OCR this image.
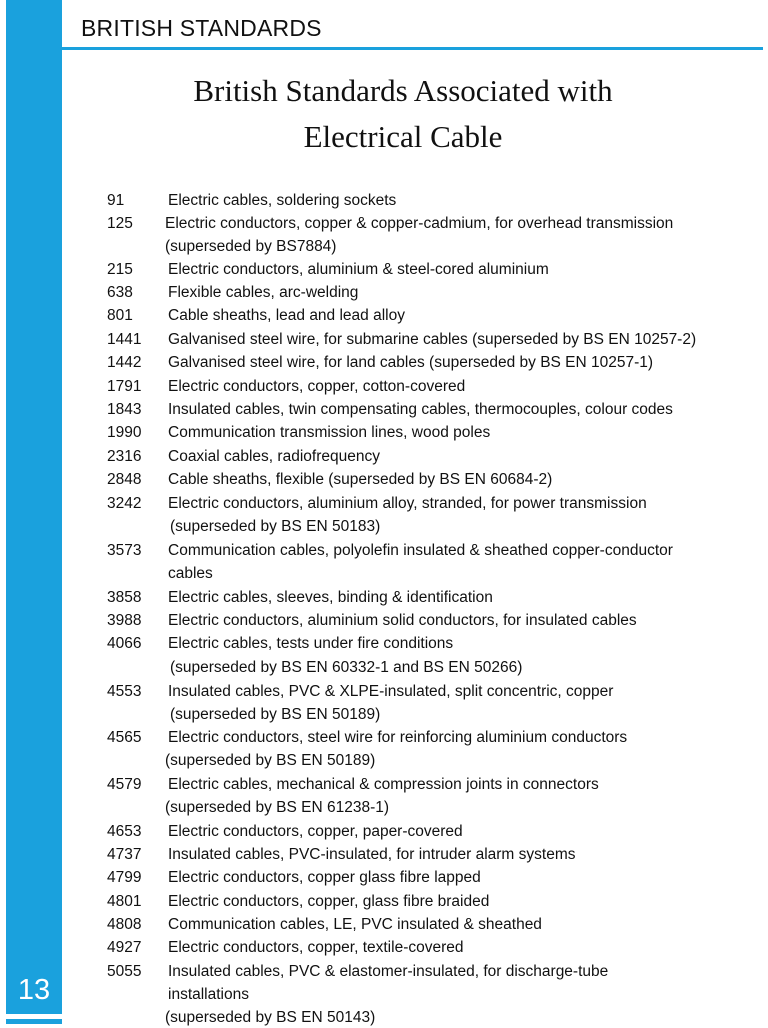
13
BRITISH STANDARDS
British Standards Associated with
Electrical Cable
91	Electric cables, soldering sockets
125 Electric conductors, copper & copper-cadmium, for overhead transmission
(superseded by BS7884)
215 Electric conductors, aluminium & steel-cored aluminium
638 Flexible cables, arc-welding
801 Cable sheaths, lead and lead alloy
1441 Galvanised steel wire, for submarine cables (superseded by BS EN 10257-2)
1442 Galvanised steel wire, for land cables (superseded by BS EN 10257-1)
1791 Electric conductors, copper, cotton-covered
1843 Insulated cables, twin compensating cables, thermocouples, colour codes
1990 Communication transmission lines, wood poles
2316 Coaxial cables, radiofrequency
2848 Cable sheaths, flexible (superseded by BS EN 60684-2)
3242 Electric conductors, aluminium alloy, stranded, for power transmission
(superseded by BS EN 50183)
3573 Communication cables, polyolefin insulated & sheathed copper-conductor
cables
3858 Electric cables, sleeves, binding & identification
3988 Electric conductors, aluminium solid conductors, for insulated cables
4066 Electric cables, tests under fire conditions
(superseded by BS EN 60332-1 and BS EN 50266)
4553 Insulated cables, PVC & XLPE-insulated, split concentric, copper
(superseded by BS EN 50189)
4565 Electric conductors, steel wire for reinforcing aluminium conductors
(superseded by BS EN 50189)
4579 Electric cables, mechanical & compression joints in connectors
(superseded by BS EN 61238-1)
4653 Electric conductors, copper, paper-covered
4737 Insulated cables, PVC-insulated, for intruder alarm systems
4799 Electric conductors, copper glass fibre lapped
4801 Electric conductors, copper, glass fibre braided
4808 Communication cables, LE, PVC insulated & sheathed
4927 Electric conductors, copper, textile-covered
5055 Insulated cables, PVC & elastomer-insulated, for discharge-tube
installations
(superseded by BS EN 50143)
